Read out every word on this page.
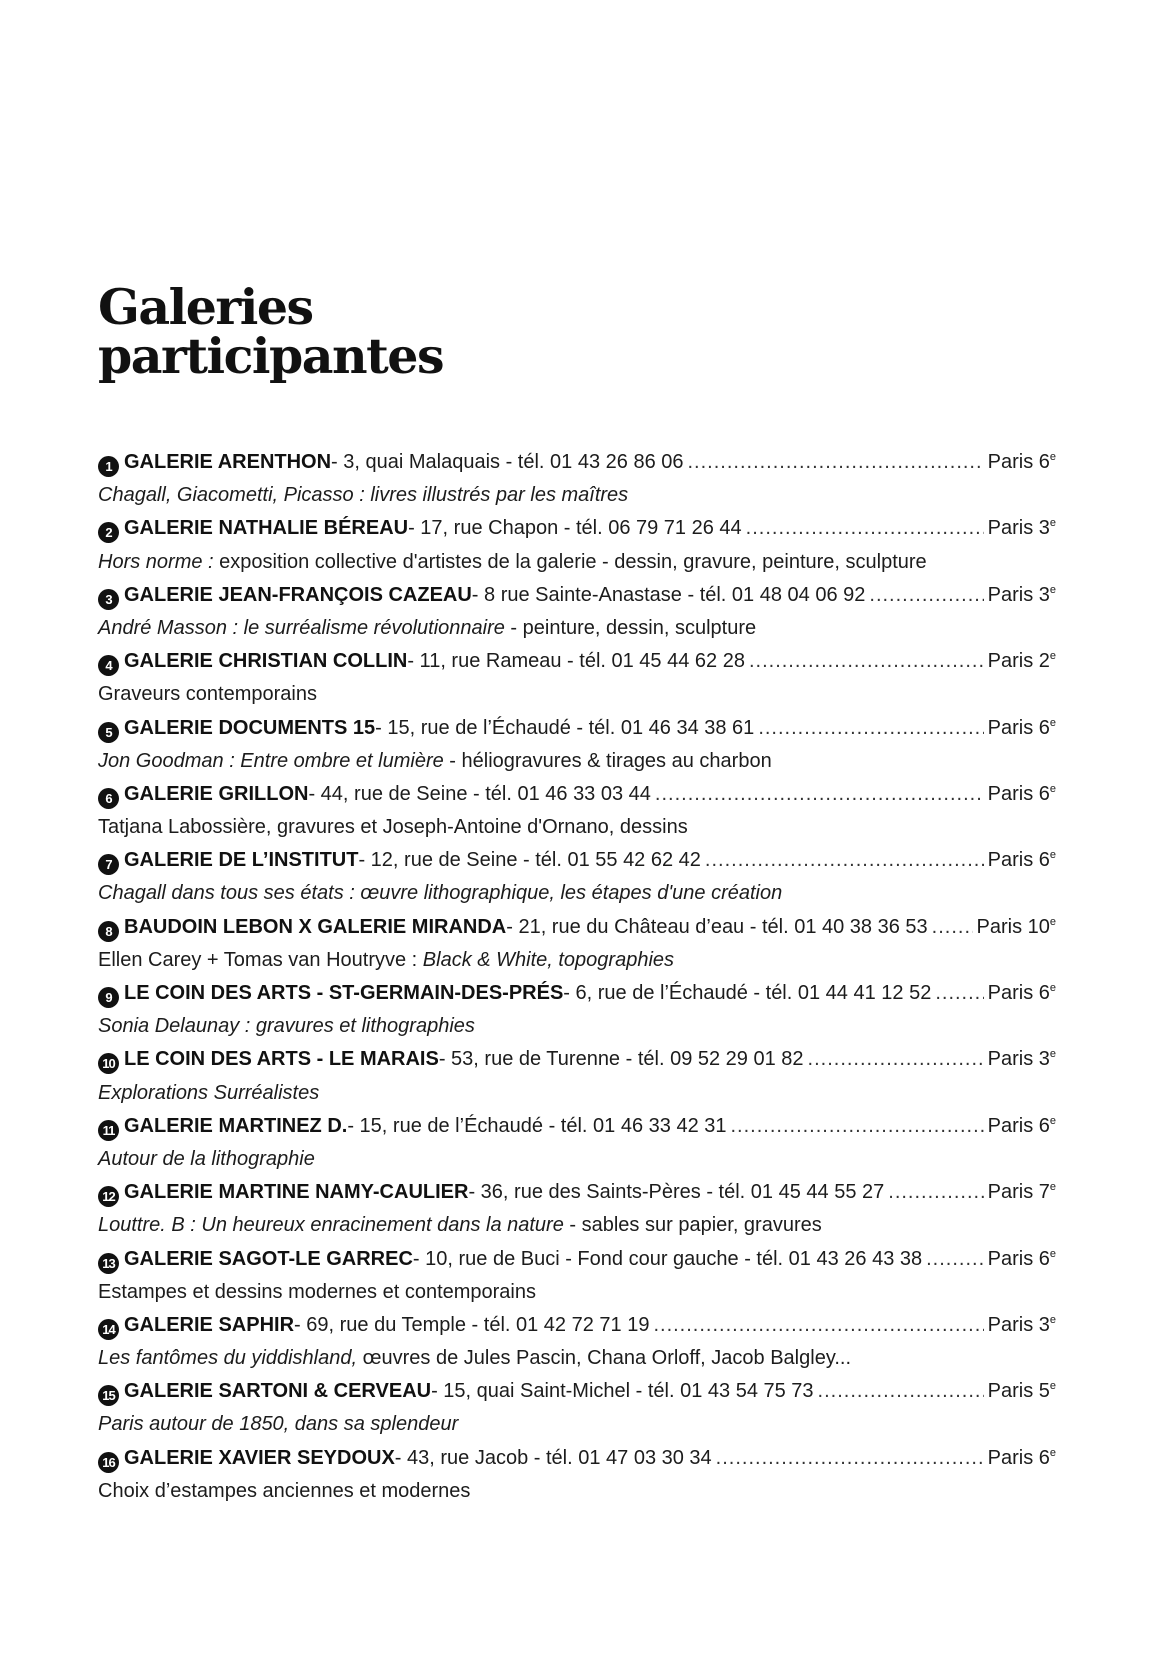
Galeries
participantes
1 GALERIE ARENTHON - 3, quai Malaquais - tél. 01 43 26 86 06 .....	Paris 6e
Chagall, Giacometti, Picasso : livres illustrés par les maîtres
2 GALERIE NATHALIE BÉREAU - 17, rue Chapon - tél. 06 79 71 26 44 .....	Paris 3e
Hors norme : exposition collective d'artistes de la galerie - dessin, gravure, peinture, sculpture
3 GALERIE JEAN-FRANÇOIS CAZEAU - 8 rue Sainte-Anastase - tél. 01 48 04 06 92 .....	Paris 3e
André Masson : le surréalisme révolutionnaire - peinture, dessin, sculpture
4 GALERIE CHRISTIAN COLLIN - 11, rue Rameau - tél. 01 45 44 62 28 .....	Paris 2e
Graveurs contemporains
5 GALERIE DOCUMENTS 15 - 15, rue de l’Échaudé - tél. 01 46 34 38 61 .....	Paris 6e
Jon Goodman : Entre ombre et lumière - héliogravures & tirages au charbon
6 GALERIE GRILLON - 44, rue de Seine - tél. 01 46 33 03 44 .....	Paris 6e
Tatjana Labossière, gravures et Joseph-Antoine d'Ornano, dessins
7 GALERIE DE L’INSTITUT - 12, rue de Seine - tél. 01 55 42 62 42 .....	Paris 6e
Chagall dans tous ses états : œuvre lithographique, les étapes d'une création
8 BAUDOIN LEBON X GALERIE MIRANDA - 21, rue du Château d’eau - tél. 01 40 38 36 53 ..... Paris 10e
Ellen Carey + Tomas van Houtryve : Black & White, topographies
9 LE COIN DES ARTS - ST-GERMAIN-DES-PRÉS - 6, rue de l’Échaudé - tél. 01 44 41 12 52 .....	Paris 6e
Sonia Delaunay : gravures et lithographies
10 LE COIN DES ARTS - LE MARAIS - 53, rue de Turenne - tél. 09 52 29 01 82 .....	Paris 3e
Explorations Surréalistes
11 GALERIE MARTINEZ D. - 15, rue de l’Échaudé - tél. 01 46 33 42 31 .....	Paris 6e
Autour de la lithographie
12 GALERIE MARTINE NAMY-CAULIER - 36, rue des Saints-Pères - tél. 01 45 44 55 27 .....	Paris 7e
Louttre. B : Un heureux enracinement dans la nature - sables sur papier, gravures
13 GALERIE SAGOT-LE GARREC - 10, rue de Buci - Fond cour gauche - tél. 01 43 26 43 38 .....	Paris 6e
Estampes et dessins modernes et contemporains
14 GALERIE SAPHIR - 69, rue du Temple - tél. 01 42 72 71 19 .....	Paris 3e
Les fantômes du yiddishland, œuvres de Jules Pascin, Chana Orloff, Jacob Balgley...
15 GALERIE SARTONI & CERVEAU - 15, quai Saint-Michel - tél. 01 43 54 75 73 .....	Paris 5e
Paris autour de 1850, dans sa splendeur
16 GALERIE XAVIER SEYDOUX - 43, rue Jacob - tél. 01 47 03 30 34 .....	Paris 6e
Choix d’estampes anciennes et modernes
